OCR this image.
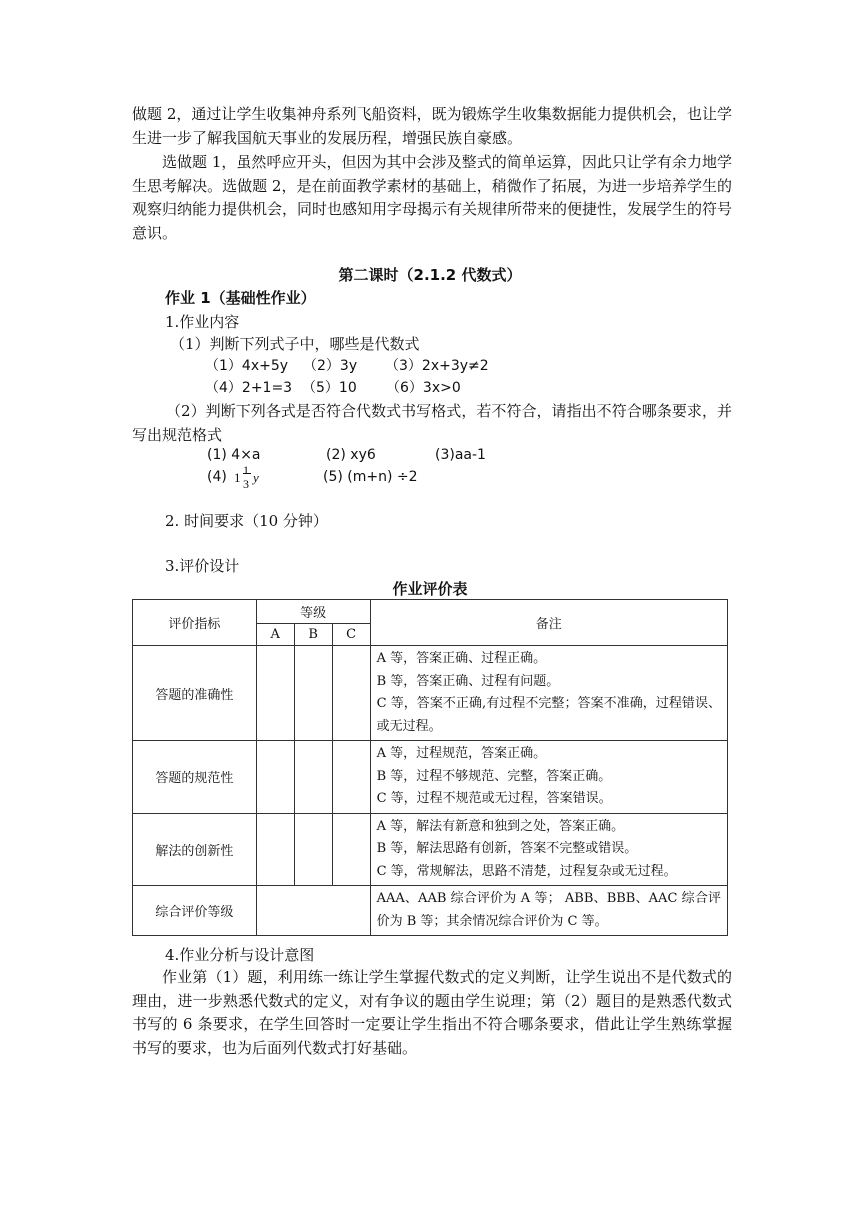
做题 2，通过让学生收集神舟系列飞船资料，既为锻炼学生收集数据能力提供机会，也让学生进一步了解我国航天事业的发展历程，增强民族自豪感。
选做题 1，虽然呼应开头，但因为其中会涉及整式的简单运算，因此只让学有余力地学生思考解决。选做题 2，是在前面教学素材的基础上，稍微作了拓展，为进一步培养学生的观察归纳能力提供机会，同时也感知用字母揭示有关规律所带来的便捷性，发展学生的符号意识。
第二课时（2.1.2 代数式）
作业 1（基础性作业）
1.作业内容
（1）判断下列式子中，哪些是代数式
（1）4x+5y （2）3y （3）2x+3y≠2
（4）2+1=3 （5）10 （6）3x>0
（2）判断下列各式是否符合代数式书写格式，若不符合，请指出不符合哪条要求，并写出规范格式
(1) 4×a	(2) xy6	(3)aa-1
(4) 1 1
3 y	(5) (m+n) ÷2
2. 时间要求（10 分钟）
3.评价设计
作业评价表
评价指标	等级			备注
	A	B	C	
答题的准确性				A 等，答案正确、过程正确。
B 等，答案正确、过程有问题。
C 等，答案不正确,有过程不完整；答案不准确，过程错误、或无过程。

答题的规范性				A 等，过程规范，答案正确。
B 等，过程不够规范、完整，答案正确。
C 等，过程不规范或无过程，答案错误。

解法的创新性				A 等，解法有新意和独到之处，答案正确。
B 等，解法思路有创新，答案不完整或错误。
C 等，常规解法，思路不清楚，过程复杂或无过程。

综合评价等级				AAA、AAB 综合评价为 A 等； ABB、BBB、AAC 综合评价为 B 等；其余情况综合评价为 C 等。
4.作业分析与设计意图
作业第（1）题，利用练一练让学生掌握代数式的定义判断，让学生说出不是代数式的理由，进一步熟悉代数式的定义，对有争议的题由学生说理；第（2）题目的是熟悉代数式书写的 6 条要求，在学生回答时一定要让学生指出不符合哪条要求，借此让学生熟练掌握书写的要求，也为后面列代数式打好基础。
